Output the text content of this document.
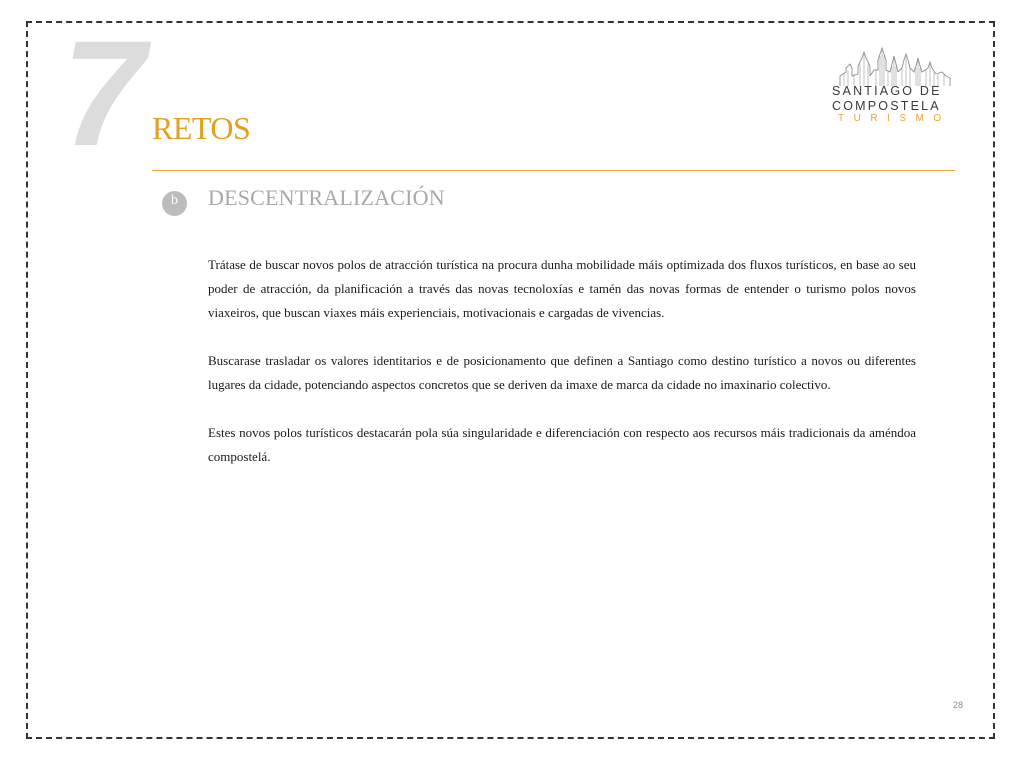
7 RETOS
SANTIAGO DE
COMPOSTELA
TURISMO
b	DESCENTRALIZACIÓN

Trátase de buscar novos polos de atracción turística na procura dunha mobilidade máis optimizada dos fluxos turísticos, en base ao seu poder de atracción, da planificación a través das novas tecnoloxías e tamén das novas formas de entender o turismo polos novos viaxeiros, que buscan viaxes máis experienciais, motivacionais e cargadas de vivencias.

Buscarase trasladar os valores identitarios e de posicionamento que definen a Santiago como destino turístico a novos ou diferentes lugares da cidade, potenciando aspectos concretos que se deriven da imaxe de marca da cidade no imaxinario colectivo.

Estes novos polos turísticos destacarán pola súa singularidade e diferenciación con respecto aos recursos máis tradicionais da améndoa compostelá.

28
